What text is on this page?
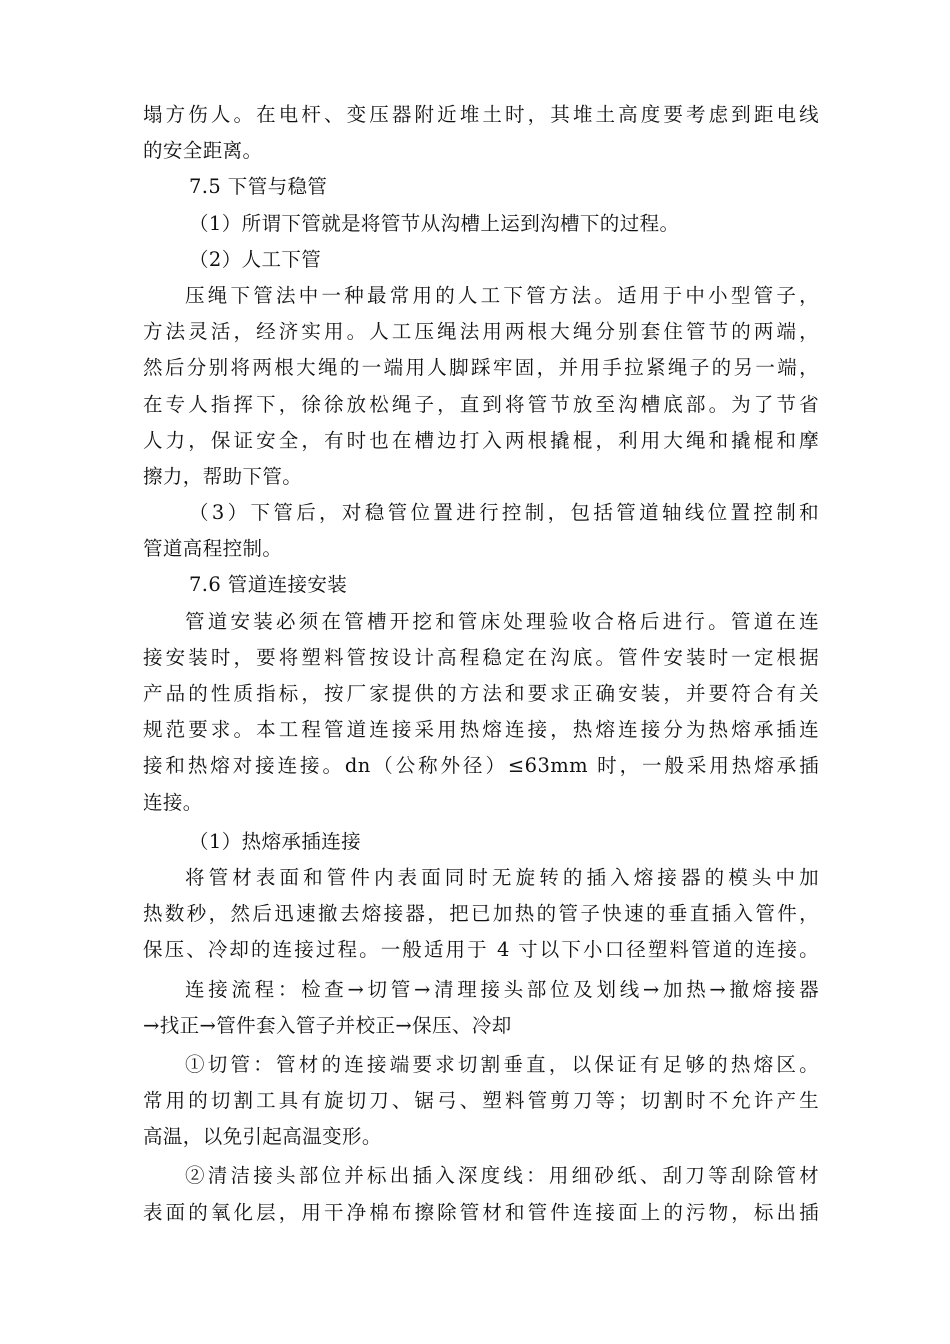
塌方伤人。在电杆、变压器附近堆土时，其堆土高度要考虑到距电线
的安全距离。
7.5 下管与稳管
（1）所谓下管就是将管节从沟槽上运到沟槽下的过程。
（2）人工下管
压绳下管法中一种最常用的人工下管方法。适用于中小型管子，
方法灵活，经济实用。人工压绳法用两根大绳分别套住管节的两端，
然后分别将两根大绳的一端用人脚踩牢固，并用手拉紧绳子的另一端，
在专人指挥下，徐徐放松绳子，直到将管节放至沟槽底部。为了节省
人力，保证安全，有时也在槽边打入两根撬棍，利用大绳和撬棍和摩
擦力，帮助下管。
（3）下管后，对稳管位置进行控制，包括管道轴线位置控制和
管道高程控制。
7.6 管道连接安装
管道安装必须在管槽开挖和管床处理验收合格后进行。管道在连
接安装时，要将塑料管按设计高程稳定在沟底。管件安装时一定根据
产品的性质指标，按厂家提供的方法和要求正确安装，并要符合有关
规范要求。本工程管道连接采用热熔连接，热熔连接分为热熔承插连
接和热熔对接连接。dn（公称外径）≤63mm 时，一般采用热熔承插
连接。
（1）热熔承插连接
将管材表面和管件内表面同时无旋转的插入熔接器的模头中加
热数秒，然后迅速撤去熔接器，把已加热的管子快速的垂直插入管件，
保压、冷却的连接过程。一般适用于 4 寸以下小口径塑料管道的连接。
连接流程：检查→切管→清理接头部位及划线→加热→撤熔接器
→找正→管件套入管子并校正→保压、冷却
①切管：管材的连接端要求切割垂直，以保证有足够的热熔区。
常用的切割工具有旋切刀、锯弓、塑料管剪刀等；切割时不允许产生
高温，以免引起高温变形。
②清洁接头部位并标出插入深度线：用细砂纸、刮刀等刮除管材
表面的氧化层，用干净棉布擦除管材和管件连接面上的污物，标出插
